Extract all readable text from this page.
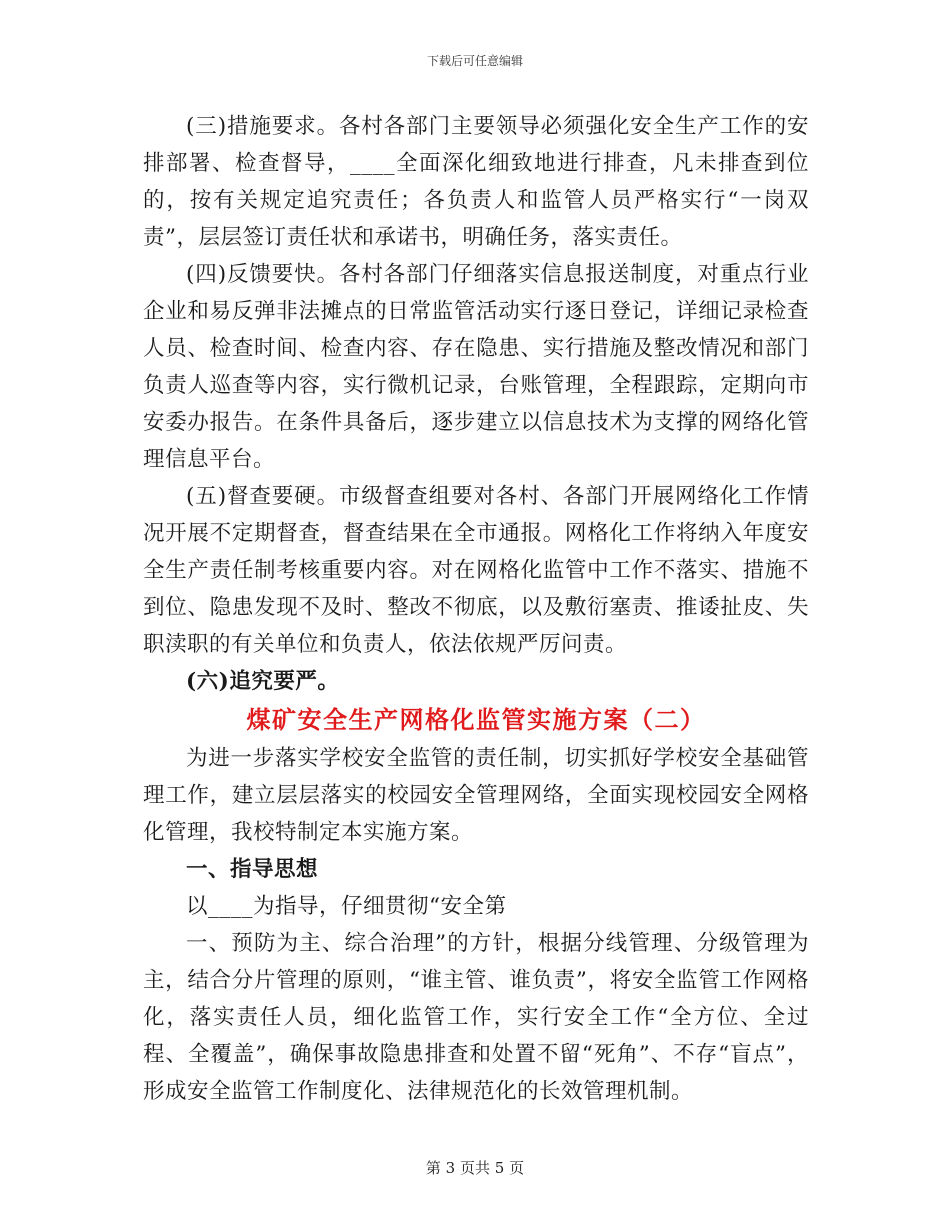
下载后可任意编辑

(三)措施要求。各村各部门主要领导必须强化安全生产工作的安排部署、检查督导，____全面深化细致地进行排查，凡未排查到位的，按有关规定追究责任；各负责人和监管人员严格实行“一岗双责”，层层签订责任状和承诺书，明确任务，落实责任。

(四)反馈要快。各村各部门仔细落实信息报送制度，对重点行业企业和易反弹非法摊点的日常监管活动实行逐日登记，详细记录检查人员、检查时间、检查内容、存在隐患、实行措施及整改情况和部门负责人巡查等内容，实行微机记录，台账管理，全程跟踪，定期向市安委办报告。在条件具备后，逐步建立以信息技术为支撑的网络化管理信息平台。

(五)督查要硬。市级督查组要对各村、各部门开展网络化工作情况开展不定期督查，督查结果在全市通报。网格化工作将纳入年度安全生产责任制考核重要内容。对在网格化监管中工作不落实、措施不到位、隐患发现不及时、整改不彻底，以及敷衍塞责、推诿扯皮、失职渎职的有关单位和负责人，依法依规严厉问责。

(六)追究要严。

煤矿安全生产网格化监管实施方案（二）

为进一步落实学校安全监管的责任制，切实抓好学校安全基础管理工作，建立层层落实的校园安全管理网络，全面实现校园安全网格化管理，我校特制定本实施方案。

一、指导思想

以____为指导，仔细贯彻“安全第

一、预防为主、综合治理”的方针，根据分线管理、分级管理为主，结合分片管理的原则，“谁主管、谁负责”，将安全监管工作网格化，落实责任人员，细化监管工作，实行安全工作“全方位、全过程、全覆盖”，确保事故隐患排查和处置不留“死角”、不存“盲点”，形成安全监管工作制度化、法律规范化的长效管理机制。

第 3 页共 5 页
